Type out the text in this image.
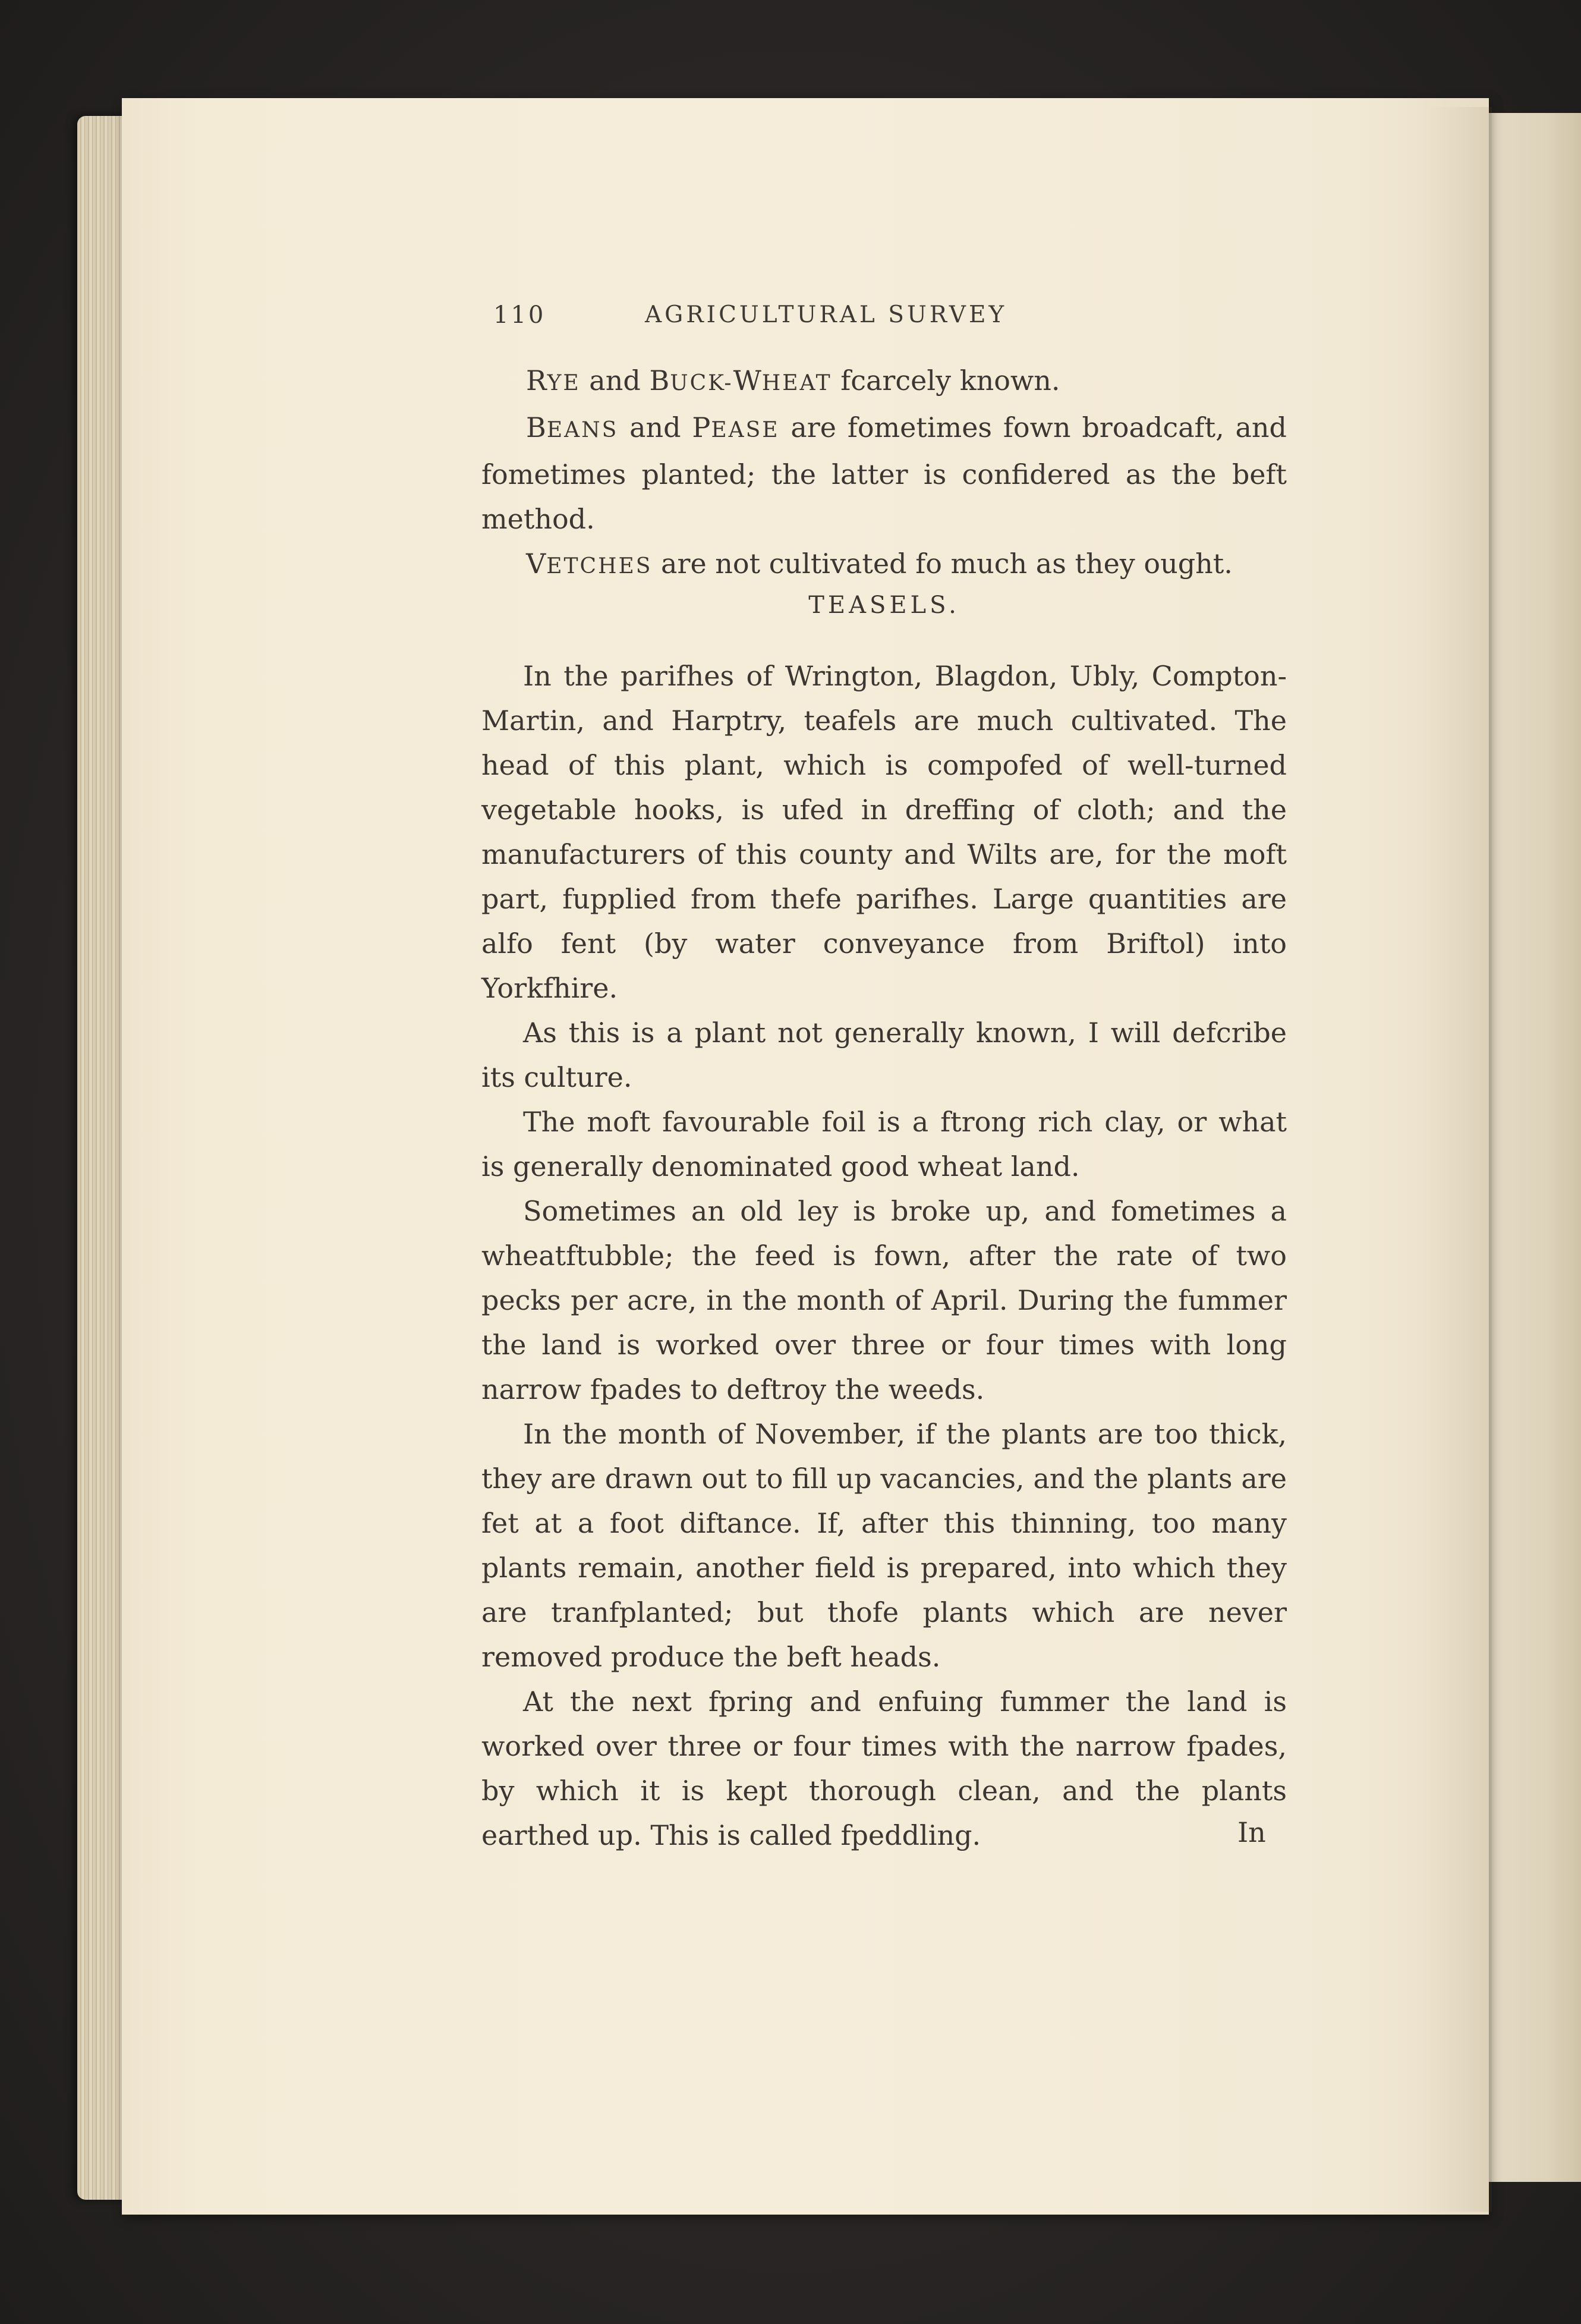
110	AGRICULTURAL SURVEY

RYE and BUCK-WHEAT fcarcely known.

BEANS and PEASE are fometimes fown broadcaft, and fometimes planted; the latter is confidered as the beft method.

VETCHES are not cultivated fo much as they ought.

TEASELS.

In the parifhes of Wrington, Blagdon, Ubly, Compton-Martin, and Harptry, teafels are much cultivated. The head of this plant, which is compofed of well-turned vegetable hooks, is ufed in dreffing of cloth; and the manufacturers of this county and Wilts are, for the moft part, fupplied from thefe parifhes. Large quantities are alfo fent (by water conveyance from Briftol) into Yorkfhire.

As this is a plant not generally known, I will defcribe its culture.

The moft favourable foil is a ftrong rich clay, or what is generally denominated good wheat land.

Sometimes an old ley is broke up, and fometimes a wheatftubble; the feed is fown, after the rate of two pecks per acre, in the month of April. During the fummer the land is worked over three or four times with long narrow fpades to deftroy the weeds.

In the month of November, if the plants are too thick, they are drawn out to fill up vacancies, and the plants are fet at a foot diftance. If, after this thinning, too many plants remain, another field is prepared, into which they are tranfplanted; but thofe plants which are never removed produce the beft heads.

At the next fpring and enfuing fummer the land is worked over three or four times with the narrow fpades, by which it is kept thorough clean, and the plants earthed up. This is called fpeddling.	In
